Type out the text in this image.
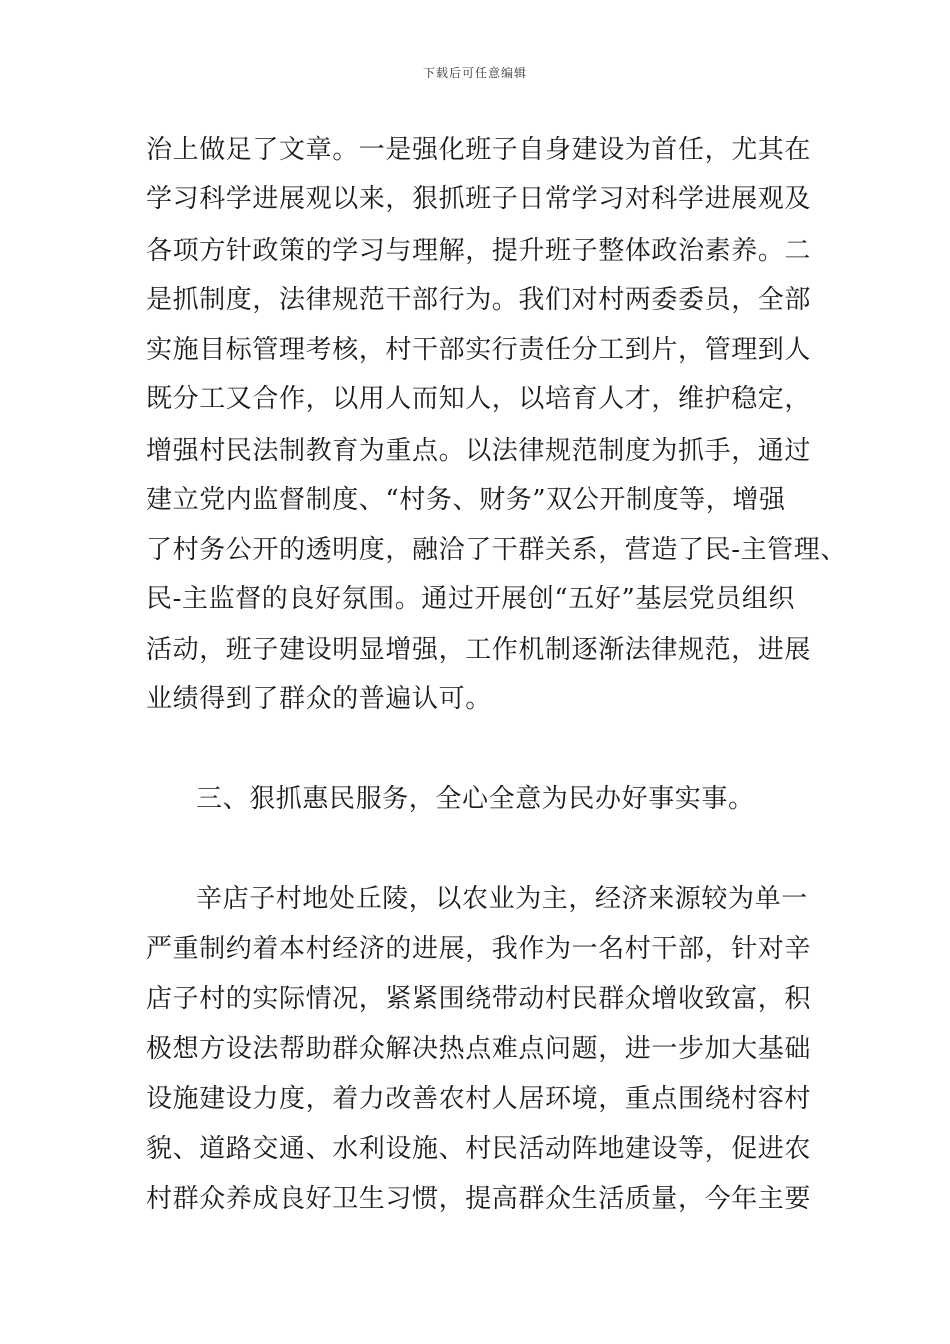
下载后可任意编辑
治上做足了文章。一是强化班子自身建设为首任，尤其在
学习科学进展观以来，狠抓班子日常学习对科学进展观及
各项方针政策的学习与理解，提升班子整体政治素养。二
是抓制度，法律规范干部行为。我们对村两委委员，全部
实施目标管理考核，村干部实行责任分工到片，管理到人
既分工又合作，以用人而知人，以培育人才，维护稳定，
增强村民法制教育为重点。以法律规范制度为抓手，通过
建立党内监督制度、“村务、财务”双公开制度等，增强
了村务公开的透明度，融洽了干群关系，营造了民-主管理、
民-主监督的良好氛围。通过开展创“五好”基层党员组织
活动，班子建设明显增强，工作机制逐渐法律规范，进展
业绩得到了群众的普遍认可。
三、狠抓惠民服务，全心全意为民办好事实事。
辛店子村地处丘陵，以农业为主，经济来源较为单一
严重制约着本村经济的进展，我作为一名村干部，针对辛
店子村的实际情况，紧紧围绕带动村民群众增收致富，积
极想方设法帮助群众解决热点难点问题，进一步加大基础
设施建设力度，着力改善农村人居环境，重点围绕村容村
貌、道路交通、水利设施、村民活动阵地建设等，促进农
村群众养成良好卫生习惯，提高群众生活质量，今年主要
